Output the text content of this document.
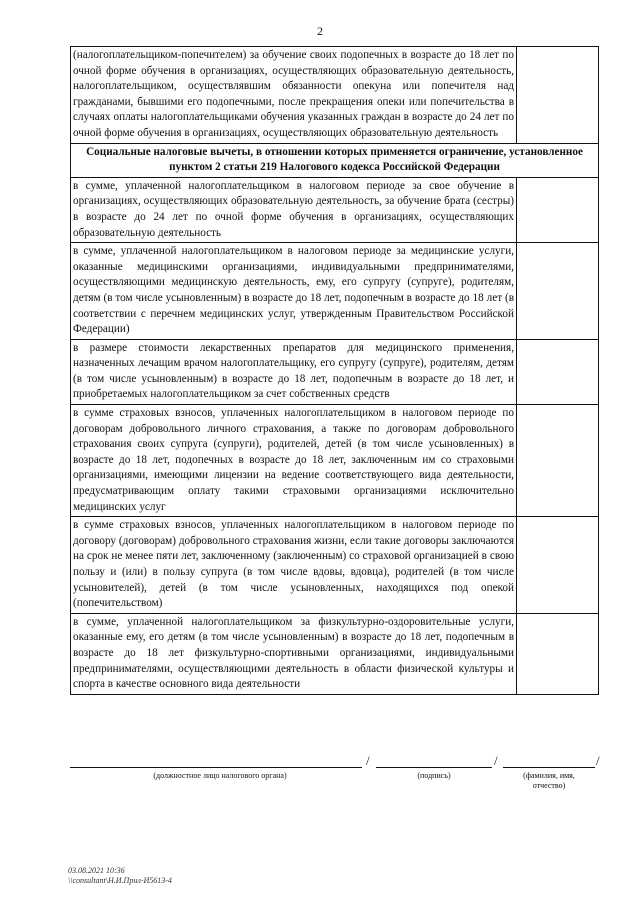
2
(налогоплательщиком-попечителем) за обучение своих подопечных в возрасте до 18 лет по очной форме обучения в организациях, осуществляющих образовательную деятельность, налогоплательщиком, осуществлявшим обязанности опекуна или попечителя над гражданами, бывшими его подопечными, после прекращения опеки или попечительства в случаях оплаты налогоплательщиками обучения указанных граждан в возрасте до 24 лет по очной форме обучения в организациях, осуществляющих образовательную деятельность	
Социальные налоговые вычеты, в отношении которых применяется ограничение, установленное пунктом 2 статьи 219 Налогового кодекса Российской Федерации	
в сумме, уплаченной налогоплательщиком в налоговом периоде за свое обучение в организациях, осуществляющих образовательную деятельность, за обучение брата (сестры) в возрасте до 24 лет по очной форме обучения в организациях, осуществляющих образовательную деятельность	
в сумме, уплаченной налогоплательщиком в налоговом периоде за медицинские услуги, оказанные медицинскими организациями, индивидуальными предпринимателями, осуществляющими медицинскую деятельность, ему, его супругу (супруге), родителям, детям (в том числе усыновленным) в возрасте до 18 лет, подопечным в возрасте до 18 лет (в соответствии с перечнем медицинских услуг, утвержденным Правительством Российской Федерации)	
в размере стоимости лекарственных препаратов для медицинского применения, назначенных лечащим врачом налогоплательщику, его супругу (супруге), родителям, детям (в том числе усыновленным) в возрасте до 18 лет, подопечным в возрасте до 18 лет, и приобретаемых налогоплательщиком за счет собственных средств	
в сумме страховых взносов, уплаченных налогоплательщиком в налоговом периоде по договорам добровольного личного страхования, а также по договорам добровольного страхования своих супруга (супруги), родителей, детей (в том числе усыновленных) в возрасте до 18 лет, подопечных в возрасте до 18 лет, заключенным им со страховыми организациями, имеющими лицензии на ведение соответствующего вида деятельности, предусматривающим оплату такими страховыми организациями исключительно медицинских услуг	
в сумме страховых взносов, уплаченных налогоплательщиком в налоговом периоде по договору (договорам) добровольного страхования жизни, если такие договоры заключаются на срок не менее пяти лет, заключенному (заключенным) со страховой организацией в свою пользу и (или) в пользу супруга (в том числе вдовы, вдовца), родителей (в том числе усыновителей), детей (в том числе усыновленных, находящихся под опекой (попечительством)	
в сумме, уплаченной налогоплательщиком за физкультурно-оздоровительные услуги, оказанные ему, его детям (в том числе усыновленным) в возрасте до 18 лет, подопечным в возрасте до 18 лет физкультурно-спортивными организациями, индивидуальными предпринимателями, осуществляющими деятельность в области физической культуры и спорта в качестве основного вида деятельности	
/	/	/
(должностное лицо налогового органа)	(подпись)	(фамилия, имя, отчество)
03.08.2021 10:36
\\consultant\Н.И.Прил-И5613-4
